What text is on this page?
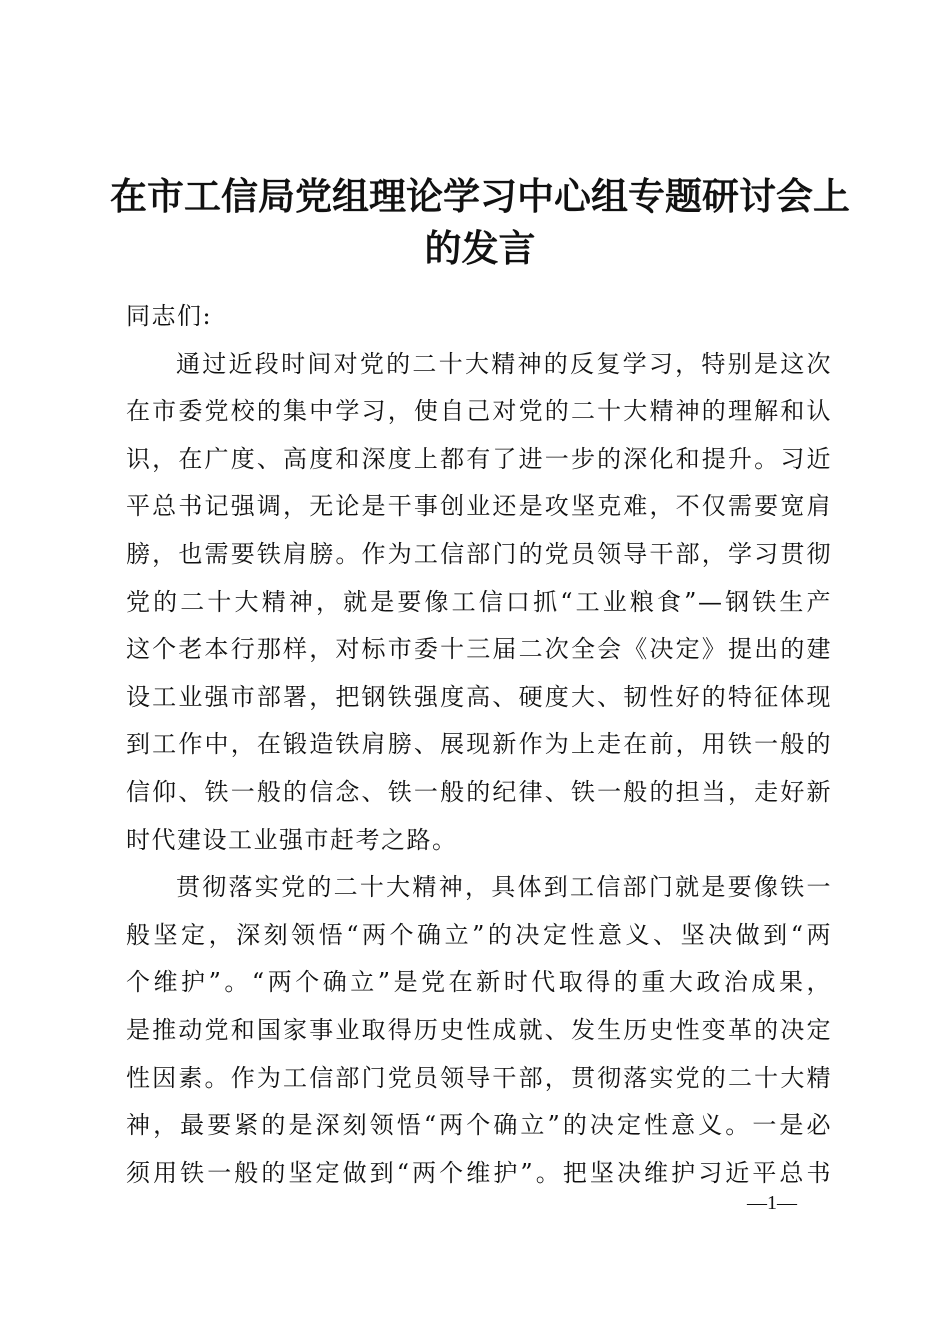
在市工信局党组理论学习中心组专题研讨会上
的发言
同志们:
通过近段时间对党的二十大精神的反复学习，特别是这次
在市委党校的集中学习，使自己对党的二十大精神的理解和认
识，在广度、高度和深度上都有了进一步的深化和提升。习近
平总书记强调，无论是干事创业还是攻坚克难，不仅需要宽肩
膀，也需要铁肩膀。作为工信部门的党员领导干部，学习贯彻
党的二十大精神，就是要像工信口抓“工业粮食”—钢铁生产
这个老本行那样，对标市委十三届二次全会《决定》提出的建
设工业强市部署，把钢铁强度高、硬度大、韧性好的特征体现
到工作中，在锻造铁肩膀、展现新作为上走在前，用铁一般的
信仰、铁一般的信念、铁一般的纪律、铁一般的担当，走好新
时代建设工业强市赶考之路。
贯彻落实党的二十大精神，具体到工信部门就是要像铁一
般坚定，深刻领悟“两个确立”的决定性意义、坚决做到“两
个维护”。“两个确立”是党在新时代取得的重大政治成果，
是推动党和国家事业取得历史性成就、发生历史性变革的决定
性因素。作为工信部门党员领导干部，贯彻落实党的二十大精
神，最要紧的是深刻领悟“两个确立”的决定性意义。一是必
须用铁一般的坚定做到“两个维护”。把坚决维护习近平总书
—1—
